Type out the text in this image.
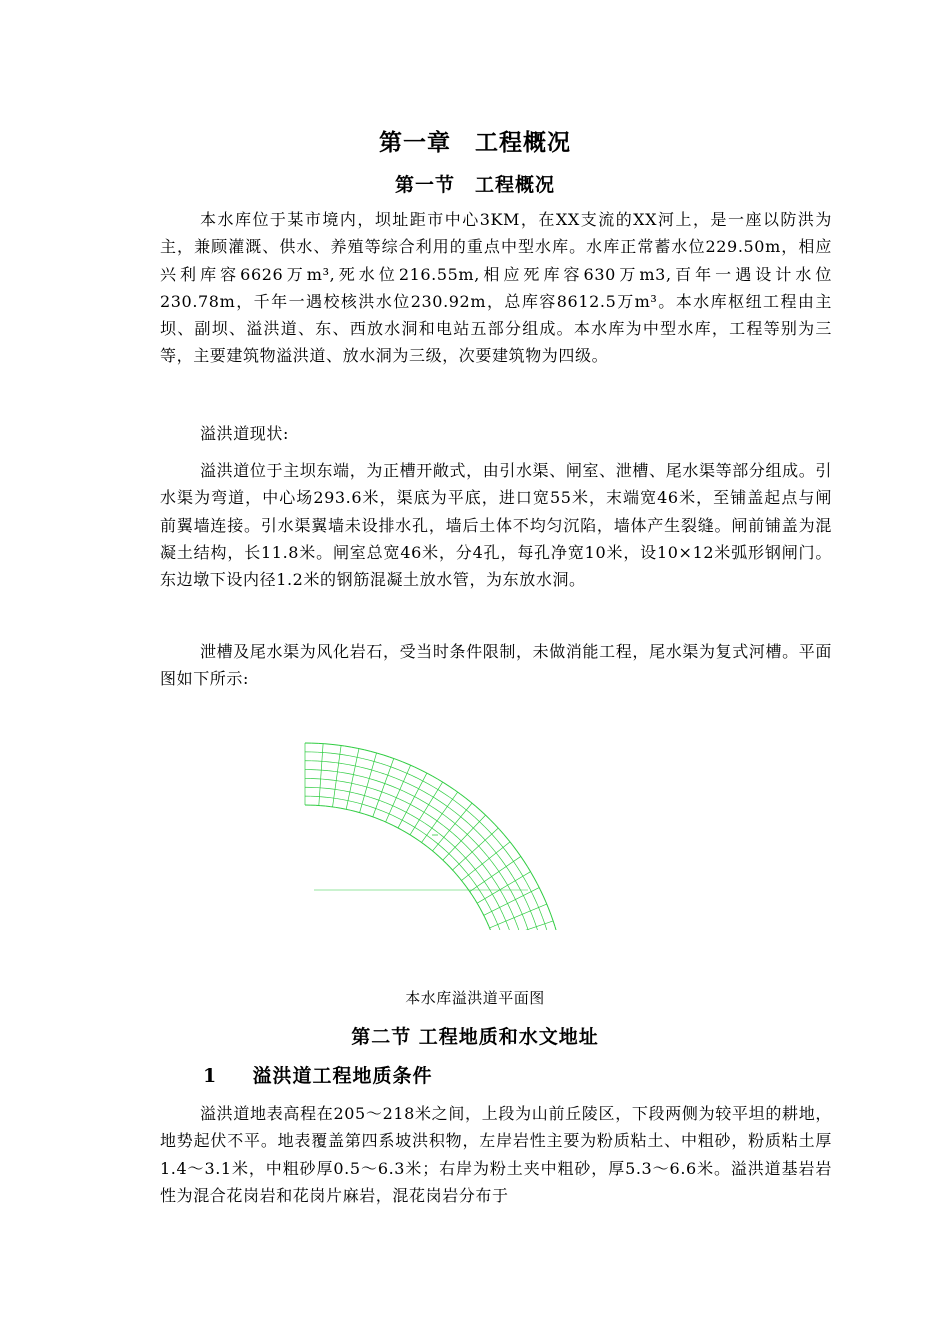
第一章　工程概况
第一节　工程概况

本水库位于某市境内，坝址距市中心3KM，在XX支流的XX河上，是一座以防洪为主，兼顾灌溉、供水、养殖等综合利用的重点中型水库。水库正常蓄水位229.50m，相应兴利库容6626万m³,死水位216.55m,相应死库容630万m3,百年一遇设计水位230.78m，千年一遇校核洪水位230.92m，总库容8612.5万m³。本水库枢纽工程由主坝、副坝、溢洪道、东、西放水洞和电站五部分组成。本水库为中型水库，工程等别为三等，主要建筑物溢洪道、放水洞为三级，次要建筑物为四级。

溢洪道现状:

溢洪道位于主坝东端，为正槽开敞式，由引水渠、闸室、泄槽、尾水渠等部分组成。引水渠为弯道，中心场293.6米，渠底为平底，进口宽55米，末端宽46米，至铺盖起点与闸前翼墙连接。引水渠翼墙未设排水孔，墙后土体不均匀沉陷，墙体产生裂缝。闸前铺盖为混凝土结构，长11.8米。闸室总宽46米，分4孔，每孔净宽10米，设10×12米弧形钢闸门。东边墩下设内径1.2米的钢筋混凝土放水管，为东放水洞。

泄槽及尾水渠为风化岩石，受当时条件限制，未做消能工程，尾水渠为复式河槽。平面图如下所示:

本水库溢洪道平面图
第二节 工程地质和水文地址
1 溢洪道工程地质条件

溢洪道地表高程在205～218米之间，上段为山前丘陵区，下段两侧为较平坦的耕地，地势起伏不平。地表覆盖第四系坡洪积物，左岸岩性主要为粉质粘土、中粗砂，粉质粘土厚1.4～3.1米，中粗砂厚0.5～6.3米；右岸为粉土夹中粗砂，厚5.3～6.6米。溢洪道基岩岩性为混合花岗岩和花岗片麻岩，混花岗岩分布于
